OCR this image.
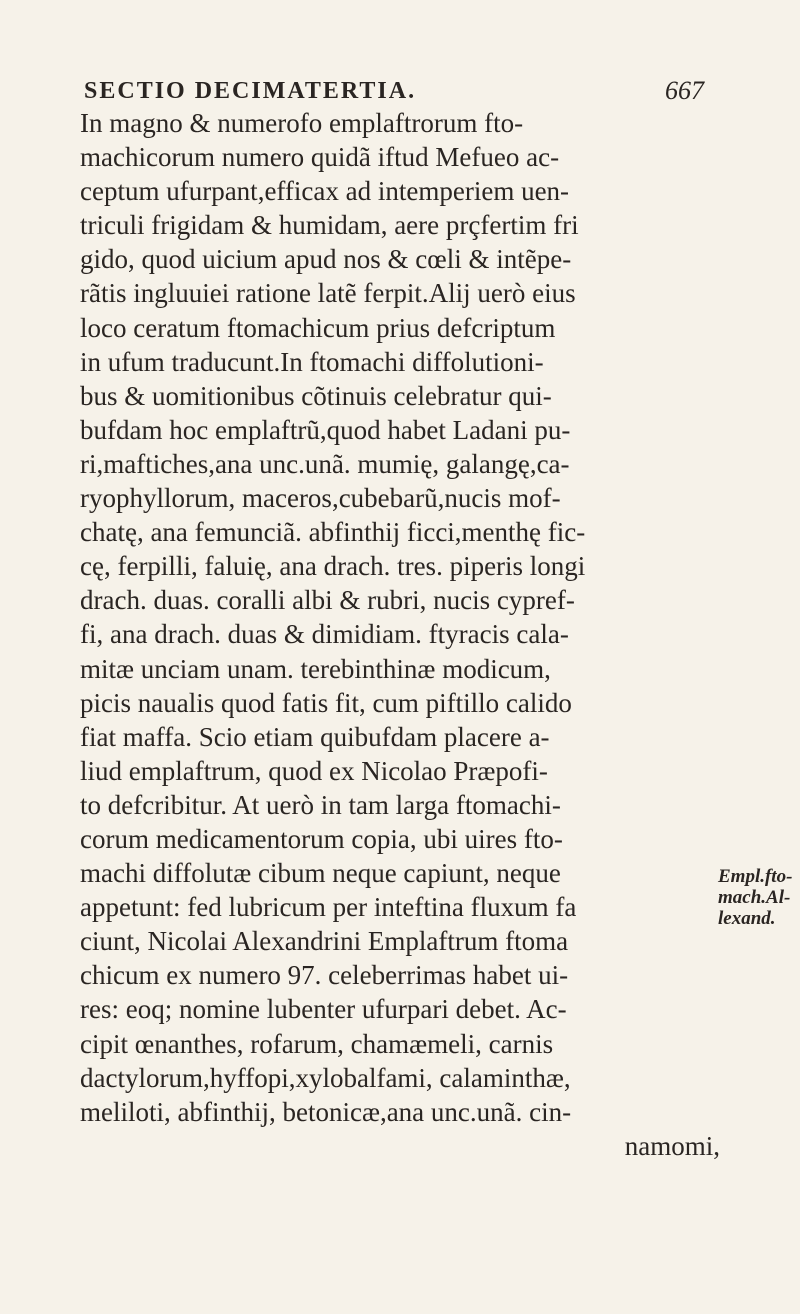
SECTIO DECIMATERTIA.	667
In magno & numerofo emplaftrorum fto-
machicorum numero quidã iftud Mefueo ac-
ceptum ufurpant,efficax ad intemperiem uen-
triculi frigidam & humidam, aere prçfertim fri
gido, quod uicium apud nos & cœli & intẽpe-
rãtis ingluuiei ratione latẽ ferpit.Alij uerò eius
loco ceratum ftomachicum prius defcriptum
in ufum traducunt.In ftomachi diffolutioni-
bus & uomitionibus cõtinuis celebratur qui-
bufdam hoc emplaftrũ,quod habet Ladani pu-
ri,maftiches,ana unc.unã. mumię, galangę,ca-
ryophyllorum, maceros,cubebarũ,nucis mof-
chatę, ana femunciã. abfinthij ficci,menthę fic-
cę, ferpilli, faluię, ana drach. tres. piperis longi
drach. duas. coralli albi & rubri, nucis cypref-
fi, ana drach. duas & dimidiam. ftyracis cala-
mitæ unciam unam. terebinthinæ modicum,
picis naualis quod fatis fit, cum piftillo calido
fiat maffa. Scio etiam quibufdam placere a-
liud emplaftrum, quod ex Nicolao Præpofi-
to defcribitur. At uerò in tam larga ftomachi-
corum medicamentorum copia, ubi uires fto-
machi diffolutæ cibum neque capiunt, neque
appetunt: fed lubricum per inteftina fluxum fa
ciunt, Nicolai Alexandrini Emplaftrum ftoma
chicum ex numero 97. celeberrimas habet ui-
res: eoq; nomine lubenter ufurpari debet. Ac-
cipit œnanthes, rofarum, chamæmeli, carnis
dactylorum,hyffopi,xylobalfami, calaminthæ,
meliloti, abfinthij, betonicæ,ana unc.unã. cin-
namomi,
Empl.fto-
mach.Al-
lexand.
